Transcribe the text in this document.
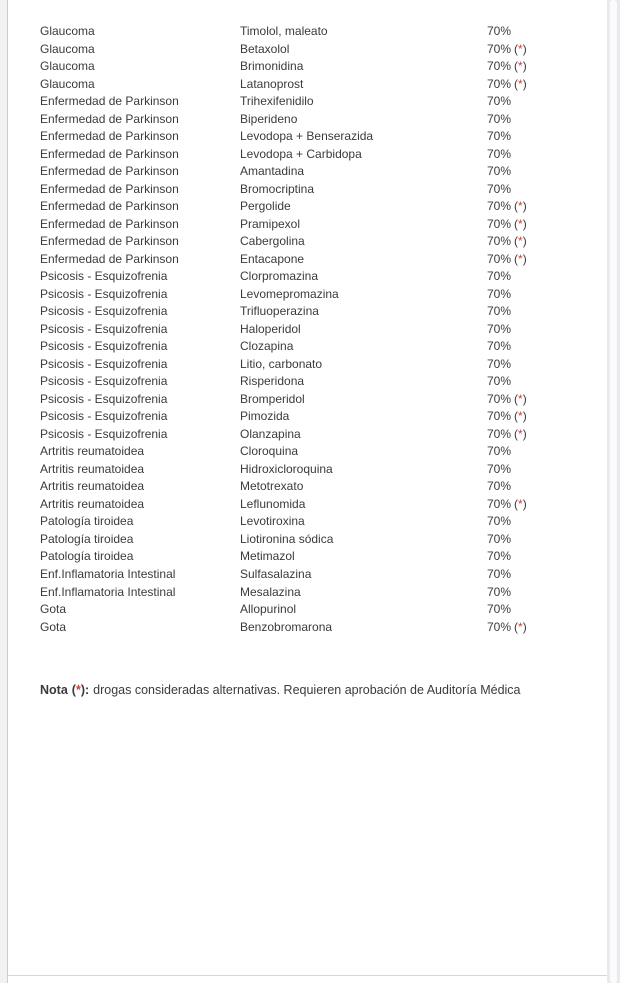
Glaucoma	Timolol, maleato	70%
Glaucoma	Betaxolol	70% (*)
Glaucoma	Brimonidina	70% (*)
Glaucoma	Latanoprost	70% (*)
Enfermedad de Parkinson	Trihexifenidilo	70%
Enfermedad de Parkinson	Biperideno	70%
Enfermedad de Parkinson	Levodopa + Benserazida	70%
Enfermedad de Parkinson	Levodopa + Carbidopa	70%
Enfermedad de Parkinson	Amantadina	70%
Enfermedad de Parkinson	Bromocriptina	70%
Enfermedad de Parkinson	Pergolide	70% (*)
Enfermedad de Parkinson	Pramipexol	70% (*)
Enfermedad de Parkinson	Cabergolina	70% (*)
Enfermedad de Parkinson	Entacapone	70% (*)
Psicosis - Esquizofrenia	Clorpromazina	70%
Psicosis - Esquizofrenia	Levomepromazina	70%
Psicosis - Esquizofrenia	Trifluoperazina	70%
Psicosis - Esquizofrenia	Haloperidol	70%
Psicosis - Esquizofrenia	Clozapina	70%
Psicosis - Esquizofrenia	Litio, carbonato	70%
Psicosis - Esquizofrenia	Risperidona	70%
Psicosis - Esquizofrenia	Bromperidol	70% (*)
Psicosis - Esquizofrenia	Pimozida	70% (*)
Psicosis - Esquizofrenia	Olanzapina	70% (*)
Artritis reumatoidea	Cloroquina	70%
Artritis reumatoidea	Hidroxicloroquina	70%
Artritis reumatoidea	Metotrexato	70%
Artritis reumatoidea	Leflunomida	70% (*)
Patología tiroidea	Levotiroxina	70%
Patología tiroidea	Liotironina sódica	70%
Patología tiroidea	Metimazol	70%
Enf.Inflamatoria Intestinal	Sulfasalazina	70%
Enf.Inflamatoria Intestinal	Mesalazina	70%
Gota	Allopurinol	70%
Gota	Benzobromarona	70% (*)
Nota (*): drogas consideradas alternativas. Requieren aprobación de Auditoría Médica
